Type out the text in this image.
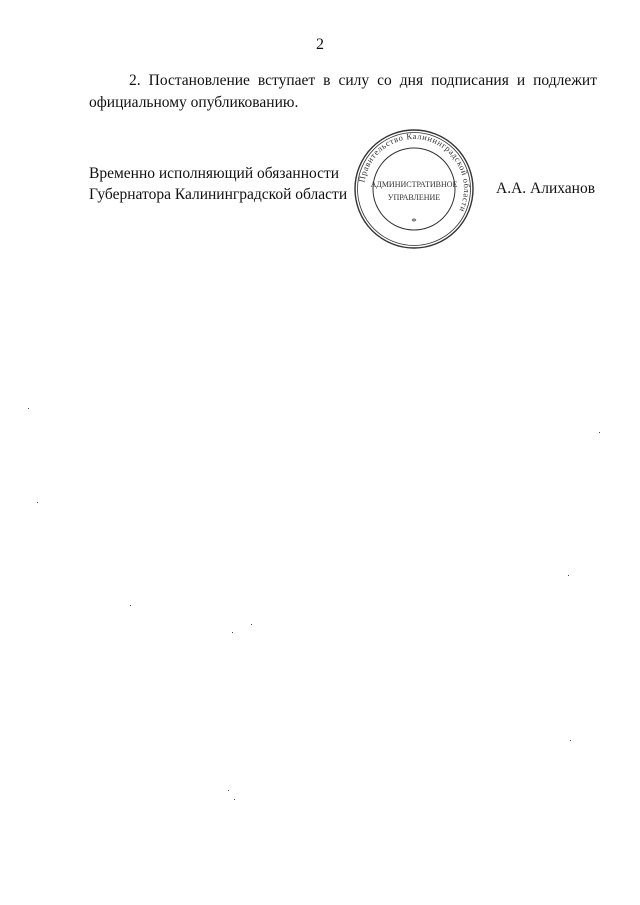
2

2. Постановление вступает в силу со дня подписания и подлежит официальному опубликованию.

Временно исполняющий обязанности
Губернатора Калининградской области
Правительство Калининградской области
АДМИНИСТРАТИВНОЕ
УПРАВЛЕНИЕ
*
А.А. Алиханов
